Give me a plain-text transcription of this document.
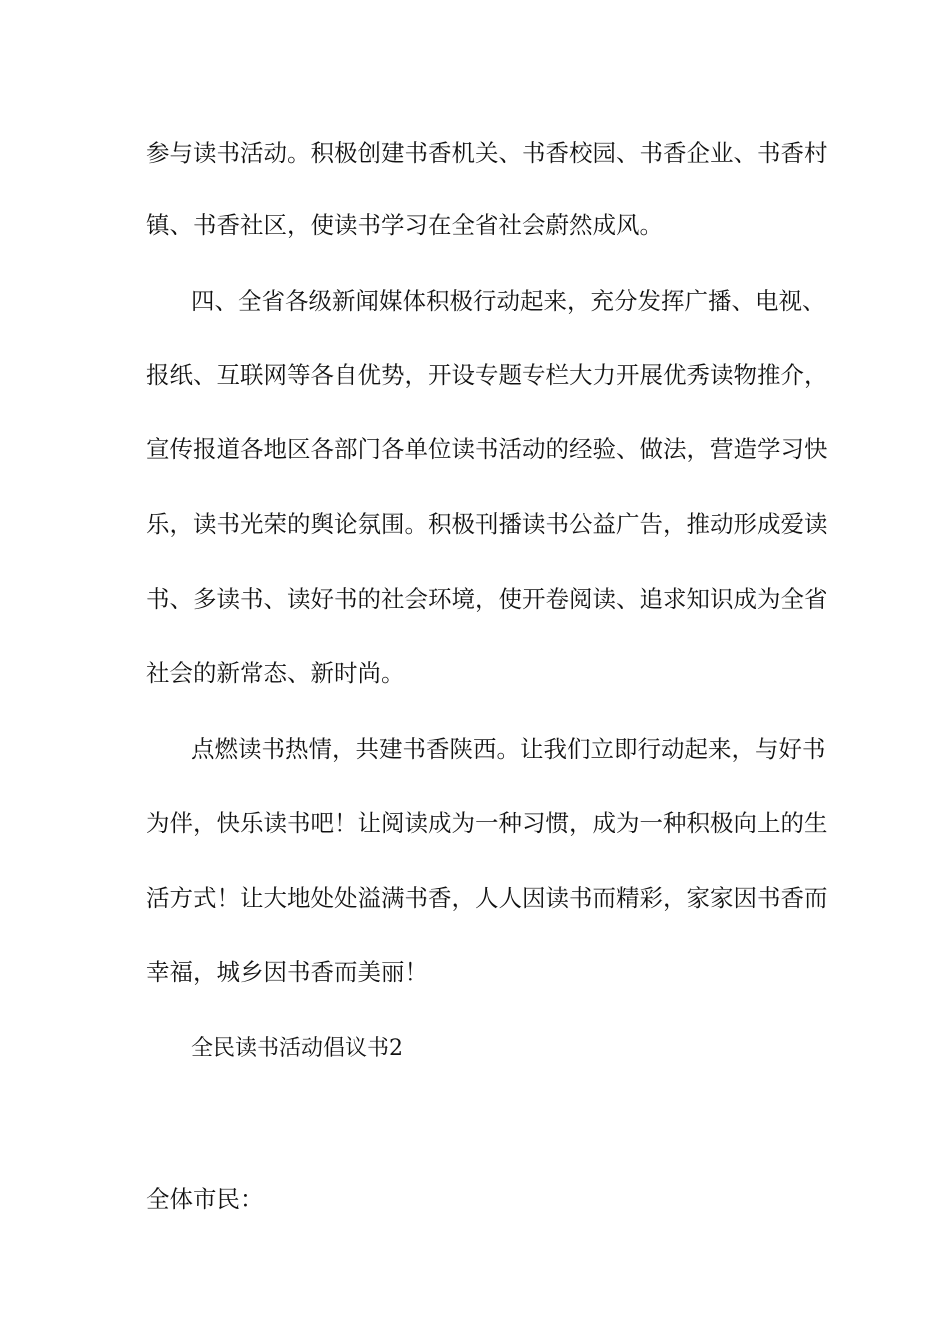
参与读书活动。积极创建书香机关、书香校园、书香企业、书香村
镇、书香社区，使读书学习在全省社会蔚然成风。
四、全省各级新闻媒体积极行动起来，充分发挥广播、电视、
报纸、互联网等各自优势，开设专题专栏大力开展优秀读物推介，
宣传报道各地区各部门各单位读书活动的经验、做法，营造学习快
乐，读书光荣的舆论氛围。积极刊播读书公益广告，推动形成爱读
书、多读书、读好书的社会环境，使开卷阅读、追求知识成为全省
社会的新常态、新时尚。
点燃读书热情，共建书香陕西。让我们立即行动起来，与好书
为伴，快乐读书吧！让阅读成为一种习惯，成为一种积极向上的生
活方式！让大地处处溢满书香，人人因读书而精彩，家家因书香而
幸福，城乡因书香而美丽！
全民读书活动倡议书2
全体市民：
